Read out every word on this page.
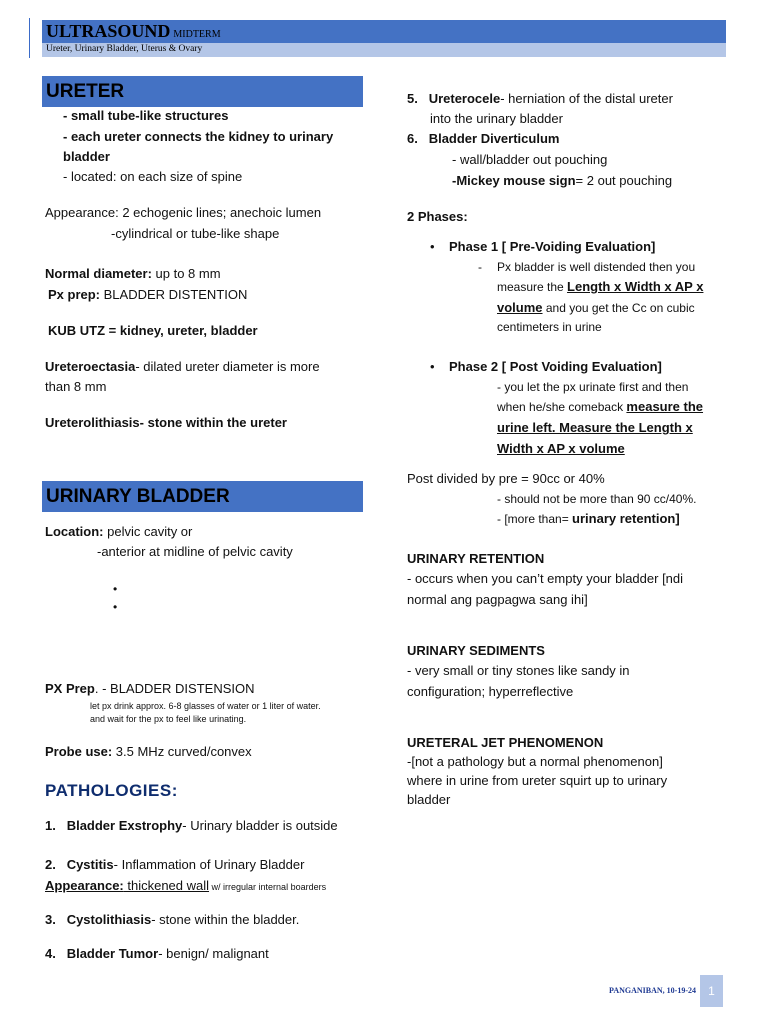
ULTRASOUND MIDTERM
Ureter, Urinary Bladder, Uterus & Ovary
URETER
- small tube-like structures
- each ureter connects the kidney to urinary
bladder
- located: on each size of spine
Appearance: 2 echogenic lines; anechoic lumen
-cylindrical or tube-like shape
Normal diameter: up to 8 mm
Px prep: BLADDER DISTENTION
KUB UTZ = kidney, ureter, bladder
Ureteroectasia- dilated ureter diameter is more
than 8 mm
Ureterolithiasis- stone within the ureter
URINARY BLADDER
Location: pelvic cavity or
-anterior at midline of pelvic cavity
•
•
PX Prep. - BLADDER DISTENSION
let px drink approx. 6-8 glasses of water or 1 liter of water.
and wait for the px to feel like urinating.
Probe use: 3.5 MHz curved/convex
PATHOLOGIES:
1. Bladder Exstrophy- Urinary bladder is outside
2. Cystitis- Inflammation of Urinary Bladder
Appearance: thickened wall w/ irregular internal boarders
3. Cystolithiasis- stone within the bladder.
4. Bladder Tumor- benign/ malignant
5. Ureterocele- herniation of the distal ureter
into the urinary bladder
6. Bladder Diverticulum
- wall/bladder out pouching
-Mickey mouse sign= 2 out pouching
2 Phases:
•    Phase 1 [ Pre-Voiding Evaluation]
- Px bladder is well distended then you
measure the Length x Width x AP x
volume and you get the Cc on cubic
centimeters in urine
•    Phase 2 [ Post Voiding Evaluation]
- you let the px urinate first and then
when he/she comeback measure the
urine left. Measure the Length x
Width x AP x volume
Post divided by pre = 90cc or 40%
- should not be more than 90 cc/40%.
- [more than= urinary retention]
URINARY RETENTION
- occurs when you can’t empty your bladder [ndi
normal ang pagpagwa sang ihi]
URINARY SEDIMENTS
- very small or tiny stones like sandy in
configuration; hyperreflective
URETERAL JET PHENOMENON
-[not a pathology but a normal phenomenon]
where in urine from ureter squirt up to urinary
bladder
PANGANIBAN, 10-19-24	1
